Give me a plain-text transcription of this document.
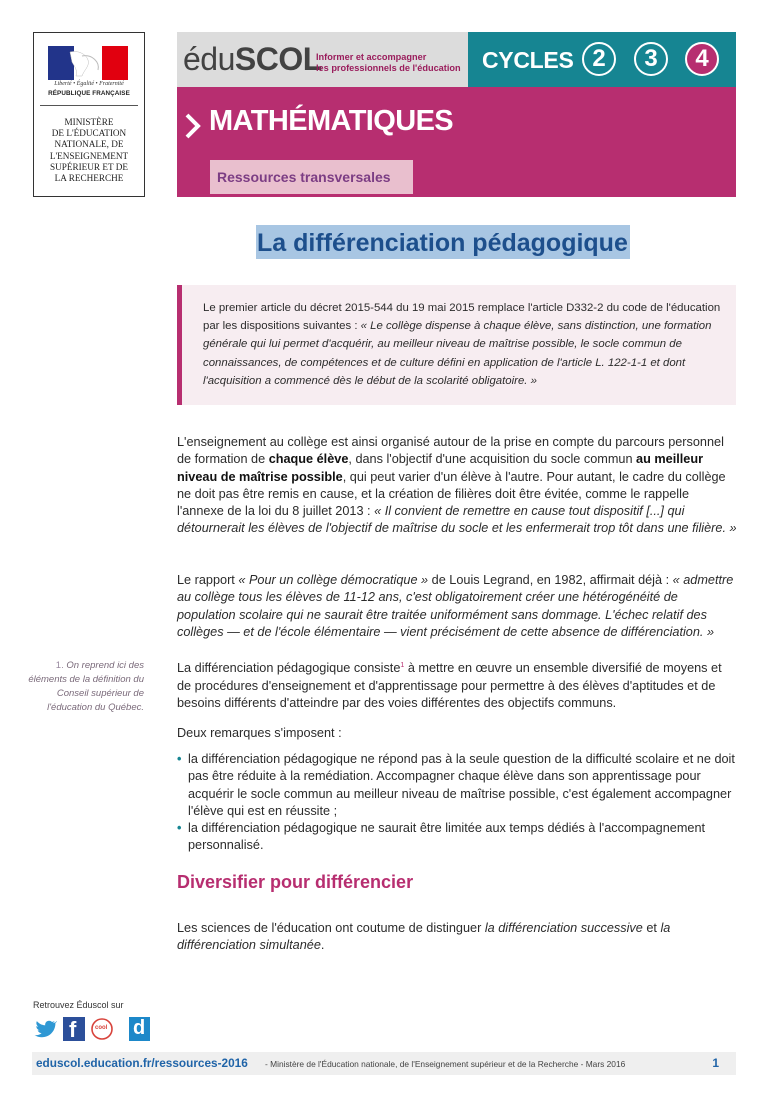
Liberté • Égalité • Fraternité
RÉPUBLIQUE FRANÇAISE
MINISTÈRE
DE L'ÉDUCATION
NATIONALE, DE
L'ENSEIGNEMENT
SUPÉRIEUR ET DE
LA RECHERCHE
éduSCOL
Informer et accompagner
les professionnels de l'éducation CYCLES 2	3	4
MATHÉMATIQUES
Ressources transversales
La différenciation pédagogique
Le premier article du décret 2015-544 du 19 mai 2015 remplace l'article D332-2 du code de l'éducation par les dispositions suivantes : « Le collège dispense à chaque élève, sans distinction, une formation générale qui lui permet d'acquérir, au meilleur niveau de maîtrise possible, le socle commun de connaissances, de compétences et de culture défini en application de l'article L. 122-1-1 et dont l'acquisition a commencé dès le début de la scolarité obligatoire. »
L'enseignement au collège est ainsi organisé autour de la prise en compte du parcours personnel de formation de chaque élève, dans l'objectif d'une acquisition du socle commun au meilleur niveau de maîtrise possible, qui peut varier d'un élève à l'autre. Pour autant, le cadre du collège ne doit pas être remis en cause, et la création de filières doit être évitée, comme le rappelle l'annexe de la loi du 8 juillet 2013 : « Il convient de remettre en cause tout dispositif [...] qui détournerait les élèves de l'objectif de maîtrise du socle et les enfermerait trop tôt dans une filière. »
Le rapport « Pour un collège démocratique » de Louis Legrand, en 1982, affirmait déjà : « admettre au collège tous les élèves de 11-12 ans, c'est obligatoirement créer une hétérogénéité de population scolaire qui ne saurait être traitée uniformément sans dommage. L'échec relatif des collèges — et de l'école élémentaire — vient précisément de cette absence de différenciation. »
1. On reprend ici des éléments de la définition du Conseil supérieur de l'éducation du Québec.
La différenciation pédagogique consiste$^1$ à mettre en œuvre un ensemble diversifié de moyens et de procédures d'enseignement et d'apprentissage pour permettre à des élèves d'aptitudes et de besoins différents d'atteindre par des voies différentes des objectifs communs.
Deux remarques s'imposent :
• la différenciation pédagogique ne répond pas à la seule question de la difficulté scolaire et ne doit pas être réduite à la remédiation. Accompagner chaque élève dans son apprentissage pour acquérir le socle commun au meilleur niveau de maîtrise possible, c'est également accompagner l'élève qui est en réussite ;
• la différenciation pédagogique ne saurait être limitée aux temps dédiés à l'accompagnement personnalisé.
Diversifier pour différencier
Les sciences de l'éducation ont coutume de distinguer la différenciation successive et la différenciation simultanée.
Retrouvez Éduscol sur
f	cool d
eduscol.education.fr/ressources-2016 - Ministère de l'Éducation nationale, de l'Enseignement supérieur et de la Recherche - Mars 2016	1
